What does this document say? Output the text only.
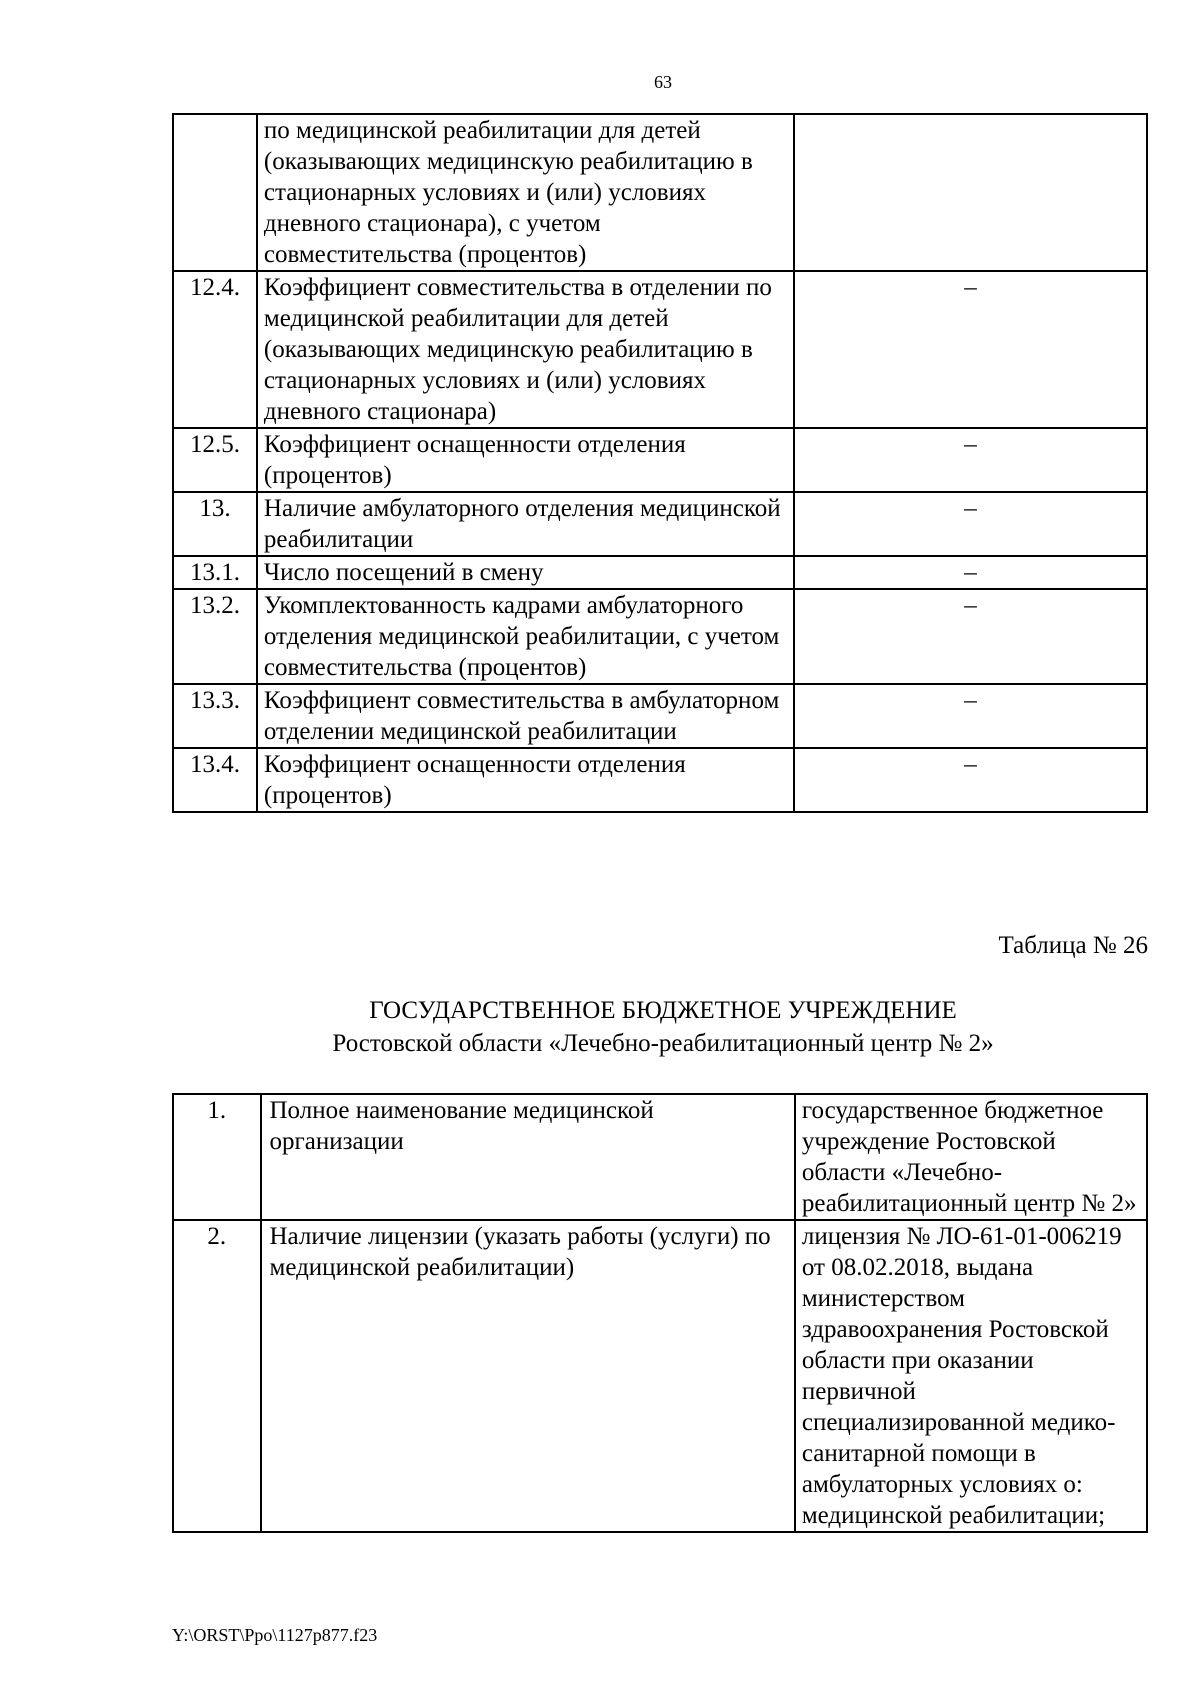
63
	по медицинской реабилитации для детей (оказывающих медицинскую реабилитацию в стационарных условиях и (или) условиях дневного стационара), с учетом совместительства (процентов)	
12.4.	Коэффициент совместительства в отделении по медицинской реабилитации для детей (оказывающих медицинскую реабилитацию в стационарных условиях и (или) условиях дневного стационара)	–
12.5.	Коэффициент оснащенности отделения (процентов)	–
13.	Наличие амбулаторного отделения медицинской реабилитации	–
13.1.	Число посещений в смену	–
13.2.	Укомплектованность кадрами амбулаторного отделения медицинской реабилитации, с учетом совместительства (процентов)	–
13.3.	Коэффициент совместительства в амбулаторном отделении медицинской реабилитации	–
13.4.	Коэффициент оснащенности отделения (процентов)	–
Таблица № 26
ГОСУДАРСТВЕННОЕ БЮДЖЕТНОЕ УЧРЕЖДЕНИЕ
Ростовской области «Лечебно-реабилитационный центр № 2»
1.	Полное наименование медицинской организации	государственное бюджетное учреждение Ростовской области «Лечебно-реабилитационный центр № 2»
2.	Наличие лицензии (указать работы (услуги) по медицинской реабилитации)	лицензия № ЛО-61-01-006219 от 08.02.2018, выдана министерством здравоохранения Ростовской области при оказании первичной специализированной медико-санитарной помощи в амбулаторных условиях о: медицинской реабилитации;
Y:\ORST\Ppo\1127p877.f23
